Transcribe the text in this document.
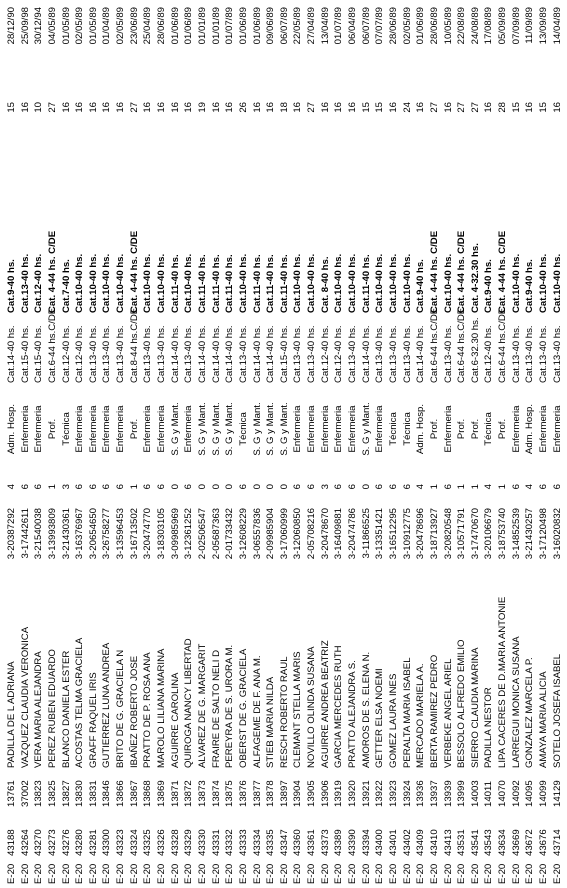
E-20
43188
13761
PADILLA DE L ADRIANA
3-20387292
4
Adm. Hosp.
Cat.14-40 hs.
Cat.9-40 hs.
15
28/12/90
E-20
43264
37002
VAZQUEZ CLAUDIA VERONICA
3-17442611
6
Enfermeria
Cat.15-40 hs.
Cat.13-40 hs.
16
25/09/98
E-20
43270
13823
VERA MARIA ALEJANDRA
3-21540038
6
Enfermeria
Cat.15-40 hs.
Cat.12-40 hs.
10
30/12/94
E-20
43273
13825
PEREZ RUBEN EDUARDO
3-13993809
1
Prof.
Cat.6-44 hs.C/DE
Cat. 4-44 hs. C/DE
27
04/05/89
E-20
43276
13827
BLANCO DANIELA ESTER
3-21430361
3
Técnica
Cat.12-40 hs.
Cat.7-40 hs.
16
01/05/89
E-20
43280
13830
ACOSTAS TELMA GRACIELA
3-16376967
6
Enfermeria
Cat.12-40 hs.
Cat.10-40 hs.
16
02/05/89
E-20
43281
13831
GRAFF RAQUEL IRIS
3-20654650
6
Enfermeria
Cat.13-40 hs.
Cat.10-40 hs.
16
01/05/89
E-20
43300
13846
GUTIERREZ LUNA ANDREA
3-26758277
6
Enfermeria
Cat.13-40 hs.
Cat.10-40 hs.
16
01/04/89
E-20
43323
13866
BRITO DE G. GRACIELA N
3-13596453
6
Enfermeria
Cat.13-40 hs.
Cat.10-40 hs.
16
02/05/89
E-20
43324
13867
IBAÑEZ ROBERTO JOSE
3-16713502
1
Prof.
Cat.8-44 hs.C/DE
Cat. 4-44 hs. C/DE
27
23/06/89
E-20
43325
13868
PRATTO DE P. ROSA ANA
3-20474770
6
Enfermeria
Cat.13-40 hs.
Cat.10-40 hs.
16
25/04/89
E-20
43326
13869
MAROLO LILIANA MARINA
3-18303105
6
Enfermeria
Cat.13-40 hs.
Cat.10-40 hs.
16
28/06/89
E-20
43328
13871
AGUIRRE CAROLINA
3-09985969
0
S. G y Mant.
Cat.14-40 hs.
Cat.11-40 hs.
16
01/06/89
E-20
43329
13872
QUIROGA NANCY LIBERTAD
3-12361252
6
Enfermeria
Cat.13-40 hs.
Cat.10-40 hs.
16
01/06/89
E-20
43330
13873
ALVAREZ DE G. MARGARIT
2-02506547
0
S. G y Mant.
Cat.14-40 hs.
Cat.11-40 hs.
19
01/01/89
E-20
43331
13874
FRAIRE DE SALTO NELI D
2-05687363
0
S. G y Mant.
Cat.14-40 hs.
Cat.11-40 hs.
16
01/01/89
E-20
43332
13875
PEREYRA DE S. URORA M.
2-01733432
0
S. G y Mant.
Cat.14-40 hs.
Cat.11-40 hs.
16
01/07/89
E-20
43333
13876
OBERST DE G. GRACIELA
3-12608229
6
Técnica
Cat.13-40 hs.
Cat.10-40 hs.
26
01/06/89
E-20
43334
13877
ALFAGEME DE F. ANA M.
3-06557836
0
S. G y Mant.
Cat.14-40 hs.
Cat.11-40 hs.
16
01/06/89
E-20
43335
13878
STIEB MARIA NILDA
2-09985904
0
S. G y Mant.
Cat.14-40 hs.
Cat.11-40 hs.
16
09/06/89
E-20
43347
13897
RESCH ROBERTO RAUL
3-17060999
0
S. G y Mant.
Cat.15-40 hs.
Cat.11-40 hs.
18
06/07/89
E-20
43360
13904
CLEMANT STELLA MARIS
3-12060850
6
Enfermeria
Cat.13-40 hs.
Cat.10-40 hs.
16
22/05/89
E-20
43361
13905
NOVILLO OLINDA SUSANA
2-05708216
6
Enfermeria
Cat.13-40 hs.
Cat.10-40 hs.
27
27/04/89
E-20
43373
13906
AGUIRRE ANDREA BEATRIZ
3-20478670
3
Enfermeria
Cat.12-40 hs.
Cat. 8-40 hs.
16
13/04/89
E-20
43389
13919
GARCIA MERCEDES RUTH
3-16409881
6
Enfermeria
Cat.12-40 hs.
Cat.10-40 hs.
16
01/07/89
E-20
43390
13920
PRATTO ALEJANDRA S.
3-20474786
6
Enfermeria
Cat.13-40 hs.
Cat.10-40 hs.
16
06/04/89
E-20
43394
13921
AMOROS DE S. ELENA N.
3-11866525
0
S. G y Mant.
Cat.14-40 hs.
Cat.11-40 hs.
15
06/07/89
E-20
43400
13922
GETTER ELSA NOEMI
3-13351421
6
Enfermeria
Cat.13-40 hs.
Cat.10-40 hs.
15
07/07/89
E-20
43401
13923
GOMEZ LAURA INES
3-16512295
6
Técnica
Cat.13-40 hs.
Cat.10-40 hs.
16
28/06/89
E-20
43402
13924
PERALTA MARIA ISABEL
3-10912775
6
Técnica
Cat.13-40 hs.
Cat.10-40 hs.
24
02/05/89
E-20
43409
13936
MERCADO MARIELA A.
3-20478696
4
Adm. Hosp.
Cat.14-40 hs.
Cat.9-40 hs.
16
01/06/89
E-20
43410
13937
BERTA RAMIREZ PEDRO
3-18713927
1
Prof.
Cat.6-44 hs.C/DE
Cat. 4-44 hs. C/DE
27
28/06/89
E-20
43413
13939
VERBEKE ANGEL ARIEL
3-20820548
6
Enfermeria
Cat.13-40 hs.
Cat.10-40 hs.
16
10/05/89
E-20
43531
13999
BESSOLO ALFREDO EMILIO
3-10571791
1
Prof.
Cat.6-44 hs.C/DE
Cat. 4-44 hs. C/DE
27
22/08/89
E-20
43541
14003
SIERRO CLAUDIA MARINA
3-17470670
1
Prof.
Cat.6-32.30 hs.
Cat. 4-32.30 hs.
27
24/08/89
E-20
43543
14011
PADILLA NESTOR
3-20106679
4
Técnica
Cat.12-40 hs.
Cat.9-40 hs.
16
17/08/89
E-20
43634
14070
LIPA CACERES DE D.MARIA ANTONIE
3-18753740
1
Prof.
Cat.6-44 hs.C/DE
Cat. 4-44 hs. C/DE
28
05/09/89
E-20
43669
14092
LARREGUI MONICA SUSANA
3-14852539
6
Enfermeria
Cat.13-40 hs.
Cat.10-40 hs.
15
07/09/89
E-20
43672
14095
GONZALEZ MARCELA P.
3-21430257
4
Adm. Hosp.
Cat.13-40 hs.
Cat.9-40 hs.
16
11/09/89
E-20
43676
14099
AMAYA MARIA ALICIA
3-17120498
6
Enfermeria
Cat.13-40 hs.
Cat.10-40 hs.
15
13/09/89
E-20
43714
14129
SOTELO JOSEFA ISABEL
3-16020832
6
Enfermeria
Cat.13-40 hs.
Cat.10-40 hs.
16
14/04/89
